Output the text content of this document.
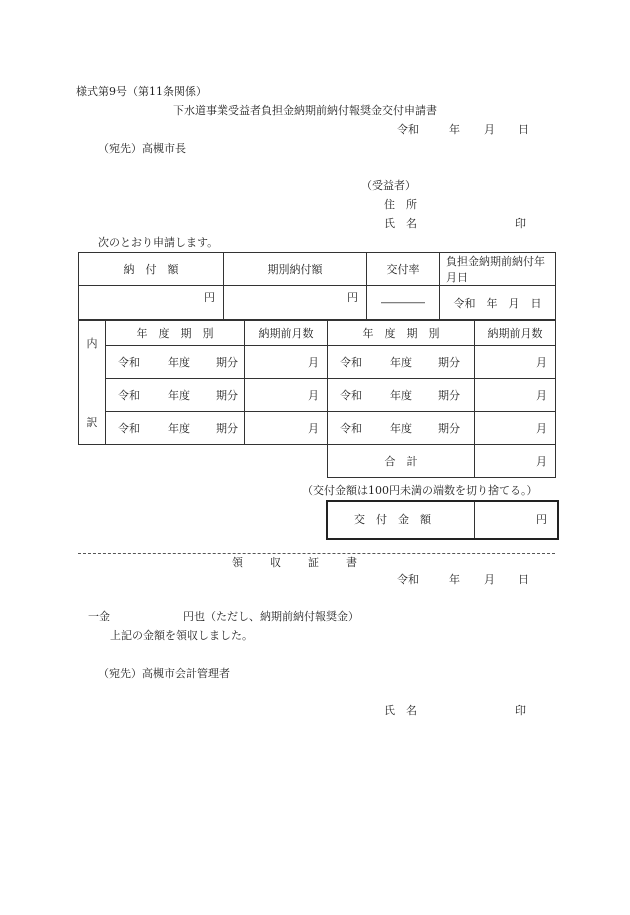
様式第9号（第11条関係）
下水道事業受益者負担金納期前納付報奨金交付申請書
令和	年 月 日
（宛先）高槻市長
（受益者）
住　所
氏　名	印
次のとおり申請します。
納　付　額	期別納付額	交付率	負担金納期前納付年月日
円	円	――――	令和　年　月　日
内
訳	年　度　期　別	納期前月数	年　度　期　別	納期前月数
	令和 年度 期分	月	令和 年度 期分	月
	令和 年度 期分	月	令和 年度 期分	月
	令和 年度 期分	月	令和 年度 期分	月
			合　計	月
（交付金額は100円未満の端数を切り捨てる。）
交　付　金　額	円
領　収　証　書
令和	年 月 日
一金	円也（ただし、納期前納付報奨金）
上記の金額を領収しました。
（宛先）高槻市会計管理者
氏　名	印
